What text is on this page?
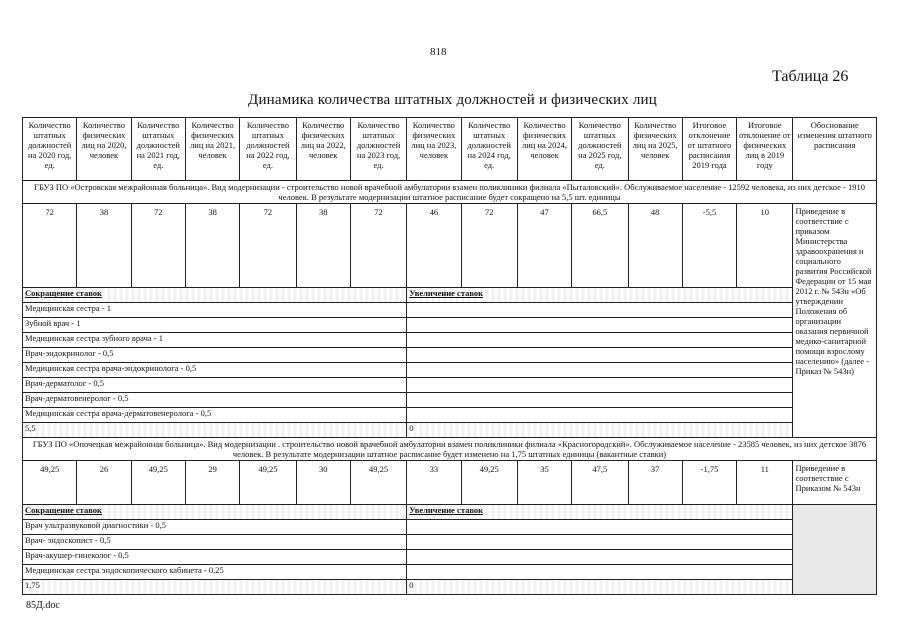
818
Таблица 26
Динамика количества штатных должностей и физических лиц
Количество штатных должностей на 2020 год, ед.	Количество физических лиц на 2020, человек	Количество штатных должностей на 2021 год, ед.	Количество физических лиц на 2021, человек	Количество штатных должностей на 2022 год, ед.	Количество физических лиц на 2022, человек	Количество штатных должностей на 2023 год, ед.	Количество физических лиц на 2023, человек	Количество штатных должностей на 2024 год, ед.	Количество физических лиц на 2024, человек	Количество штатных должностей на 2025 год, ед.	Количество физических лиц на 2025, человек	Итоговое отклонение от штатного расписания 2019 года	Итоговое отклонение от физических лиц в 2019 году	Обоснование изменения штатного расписания
ГБУЗ ПО «Островская межрайонная больница». Вид модернизации - строительство новой врачебной амбулатории взамен поликлиники филиала «Пыталовский». Обслуживаемое население - 12592 человека, из них детское - 1910 человек. В результате модернизации штатное расписание будет сокращено на 5,5 шт. единицы														
72	38	72	38	72	38	72	46	72	47	66,5	48	-5,5	10	Приведение в соответствие с приказом Министерства здравоохранения и социального развития Российской Федерации от 15 мая 2012 г. № 543н «Об утверждении Положения об организации оказания первичной медико-санитарной помощи взрослому населению» (далее - Приказ № 543н)
Сокращение ставок							Увеличение ставок							
Медицинская сестра - 1														
Зубной врач - 1														
Медицинская сестра зубного врача - 1														
Врач-эндокринолог - 0,5														
Медицинская сестра врача-эндокринолога - 0,5														
Врач-дерматолог - 0,5														
Врач-дерматовенеролог - 0,5														
Медицинская сестра врача-дерматовенеролога - 0,5														
5,5							0							
ГБУЗ ПО «Опочецкая межрайонная больница». Вид модернизации . строительство новой врачебной амбулатории взамен поликлиники филиала «Красногородский». Обслуживаемое население - 23585 человек, из них детское 3876 человек. В результате модернизации штатное расписание будет изменено на 1,75 штатных единицы (вакантные ставки)														
49,25	26	49,25	29	49,25	30	49,25	33	49,25	35	47,5	37	-1,75	11	Приведение в соответствие с Приказом № 543н
Сокращение ставок							Увеличение ставок							
Врач ультразвуковой диагностики - 0,5														
Врач- эндоскопист - 0,5														
Врач-акушер-гинеколог - 0,5														
Медицинская сестра эндоскопического кабинета - 0,25														
1,75							0							
85Д.doc
